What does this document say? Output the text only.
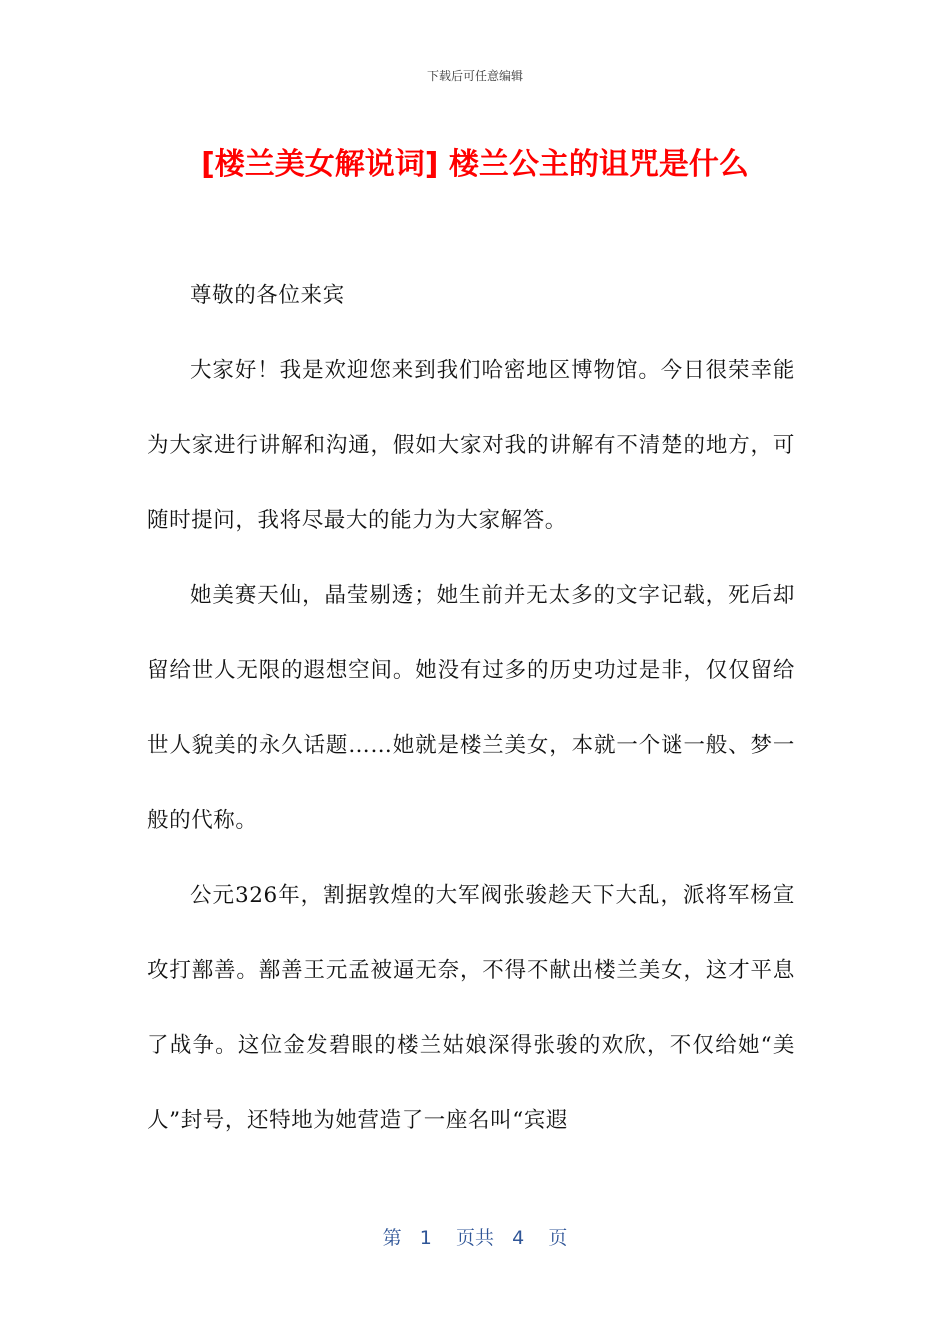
下载后可任意编辑
[楼兰美女解说词] 楼兰公主的诅咒是什么

尊敬的各位来宾

大家好！我是欢迎您来到我们哈密地区博物馆。今日很荣幸能为大家进行讲解和沟通，假如大家对我的讲解有不清楚的地方，可随时提问，我将尽最大的能力为大家解答。

她美赛天仙，晶莹剔透；她生前并无太多的文字记载，死后却留给世人无限的遐想空间。她没有过多的历史功过是非，仅仅留给世人貌美的永久话题……她就是楼兰美女，本就一个谜一般、梦一般的代称。

公元326年，割据敦煌的大军阀张骏趁天下大乱，派将军杨宣攻打鄯善。鄯善王元孟被逼无奈，不得不献出楼兰美女，这才平息了战争。这位金发碧眼的楼兰姑娘深得张骏的欢欣，不仅给她“美人”封号，还特地为她营造了一座名叫“宾遐

第 1 页共 4 页
